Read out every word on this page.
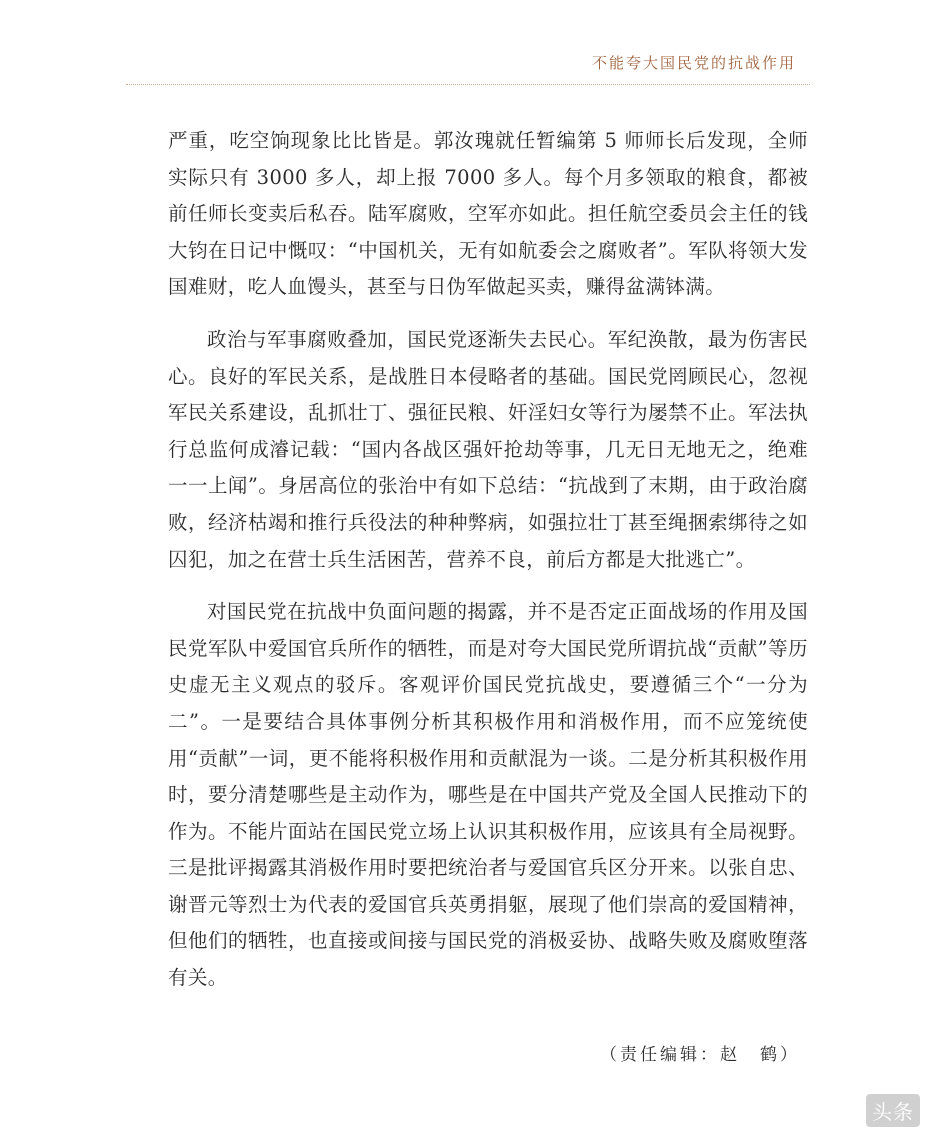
不能夸大国民党的抗战作用

严重，吃空饷现象比比皆是。郭汝瑰就任暂编第 5 师师长后发现，全师实际只有 3000 多人，却上报 7000 多人。每个月多领取的粮食，都被前任师长变卖后私吞。陆军腐败，空军亦如此。担任航空委员会主任的钱大钧在日记中慨叹：“中国机关，无有如航委会之腐败者”。军队将领大发国难财，吃人血馒头，甚至与日伪军做起买卖，赚得盆满钵满。

政治与军事腐败叠加，国民党逐渐失去民心。军纪涣散，最为伤害民心。良好的军民关系，是战胜日本侵略者的基础。国民党罔顾民心，忽视军民关系建设，乱抓壮丁、强征民粮、奸淫妇女等行为屡禁不止。军法执行总监何成濬记载：“国内各战区强奸抢劫等事，几无日无地无之，绝难一一上闻”。身居高位的张治中有如下总结：“抗战到了末期，由于政治腐败，经济枯竭和推行兵役法的种种弊病，如强拉壮丁甚至绳捆索绑待之如囚犯，加之在营士兵生活困苦，营养不良，前后方都是大批逃亡”。

对国民党在抗战中负面问题的揭露，并不是否定正面战场的作用及国民党军队中爱国官兵所作的牺牲，而是对夸大国民党所谓抗战“贡献”等历史虚无主义观点的驳斥。客观评价国民党抗战史，要遵循三个“一分为二”。一是要结合具体事例分析其积极作用和消极作用，而不应笼统使用“贡献”一词，更不能将积极作用和贡献混为一谈。二是分析其积极作用时，要分清楚哪些是主动作为，哪些是在中国共产党及全国人民推动下的作为。不能片面站在国民党立场上认识其积极作用，应该具有全局视野。三是批评揭露其消极作用时要把统治者与爱国官兵区分开来。以张自忠、谢晋元等烈士为代表的爱国官兵英勇捐躯，展现了他们崇高的爱国精神，但他们的牺牲，也直接或间接与国民党的消极妥协、战略失败及腐败堕落有关。

（责任编辑：赵　鹤）
头条
